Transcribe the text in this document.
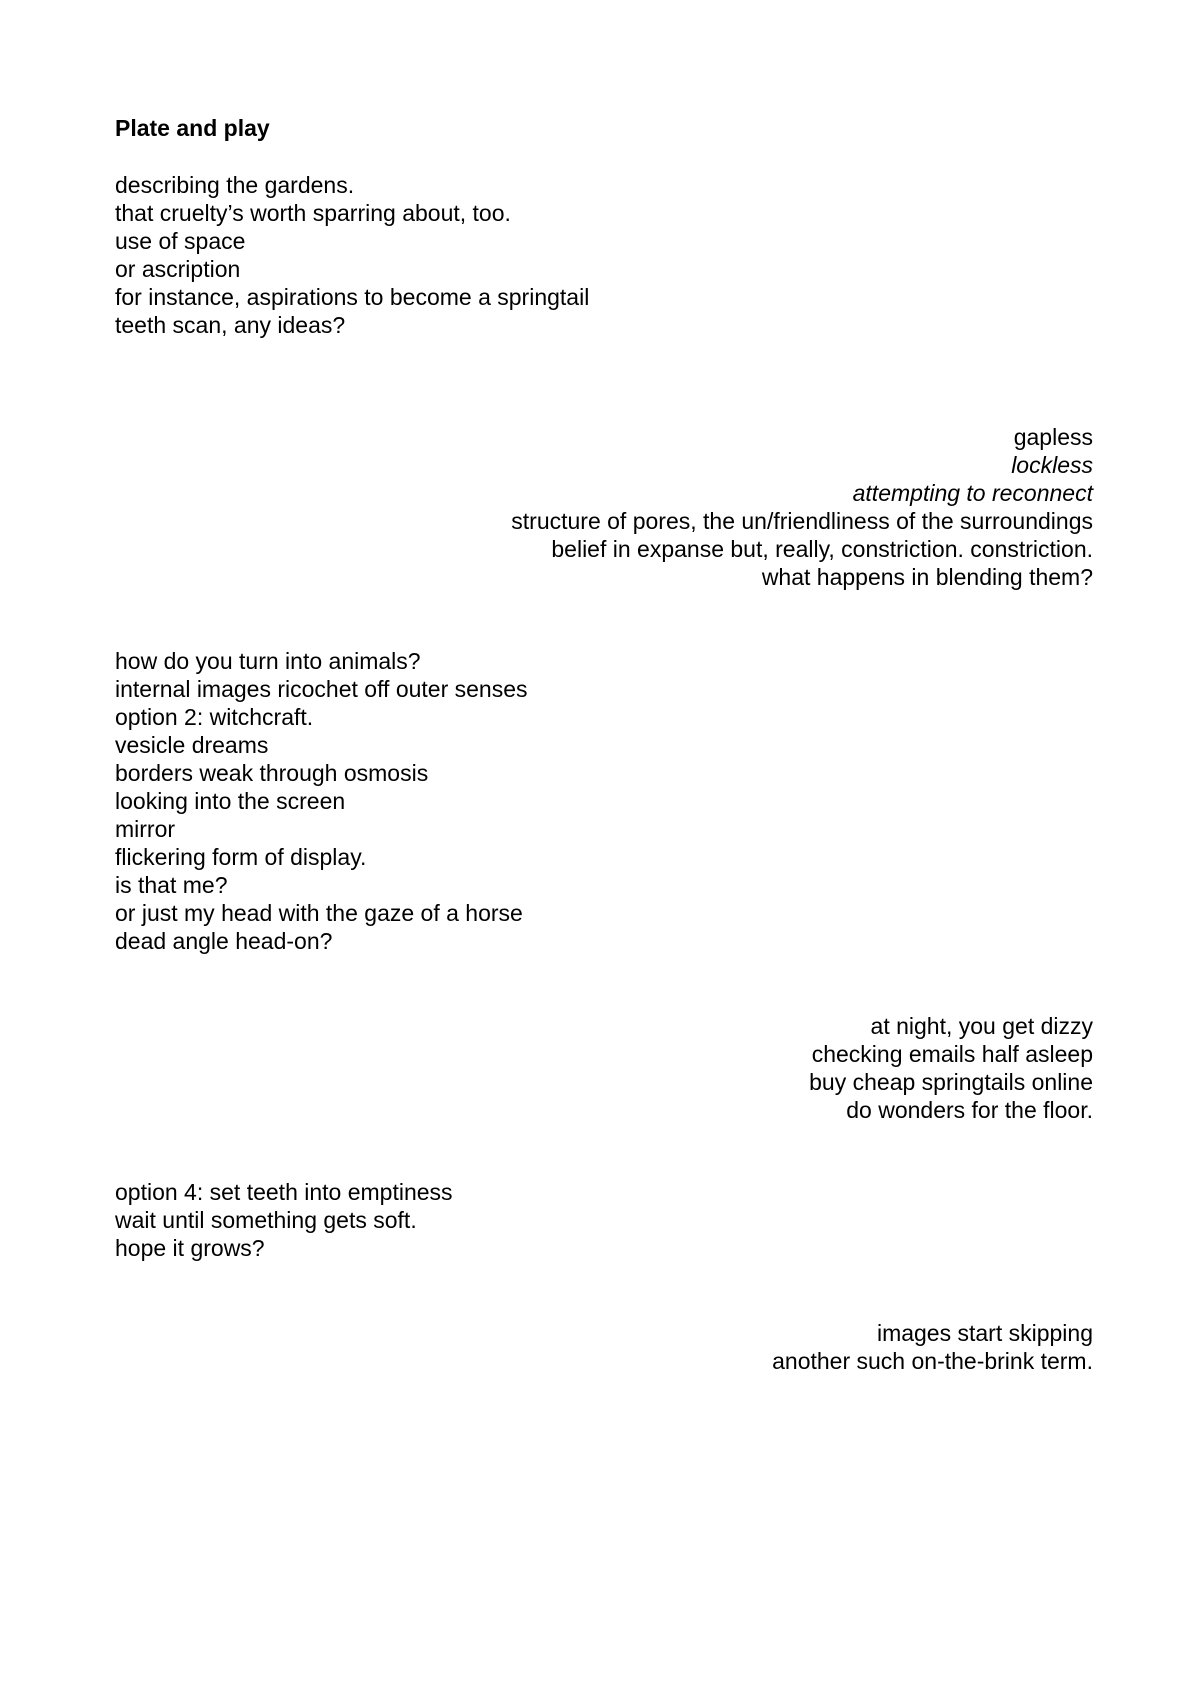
Plate and play
describing the gardens.
that cruelty’s worth sparring about, too.
use of space
or ascription
for instance, aspirations to become a springtail
teeth scan, any ideas?
gapless
lockless
attempting to reconnect
structure of pores, the un/friendliness of the surroundings
belief in expanse but, really, constriction. constriction.
what happens in blending them?
how do you turn into animals?
internal images ricochet off outer senses
option 2: witchcraft.
vesicle dreams
borders weak through osmosis
looking into the screen
mirror
flickering form of display.
is that me?
or just my head with the gaze of a horse
dead angle head-on?
at night, you get dizzy
checking emails half asleep
buy cheap springtails online
do wonders for the floor.
option 4: set teeth into emptiness
wait until something gets soft.
hope it grows?
images start skipping
another such on-the-brink term.
